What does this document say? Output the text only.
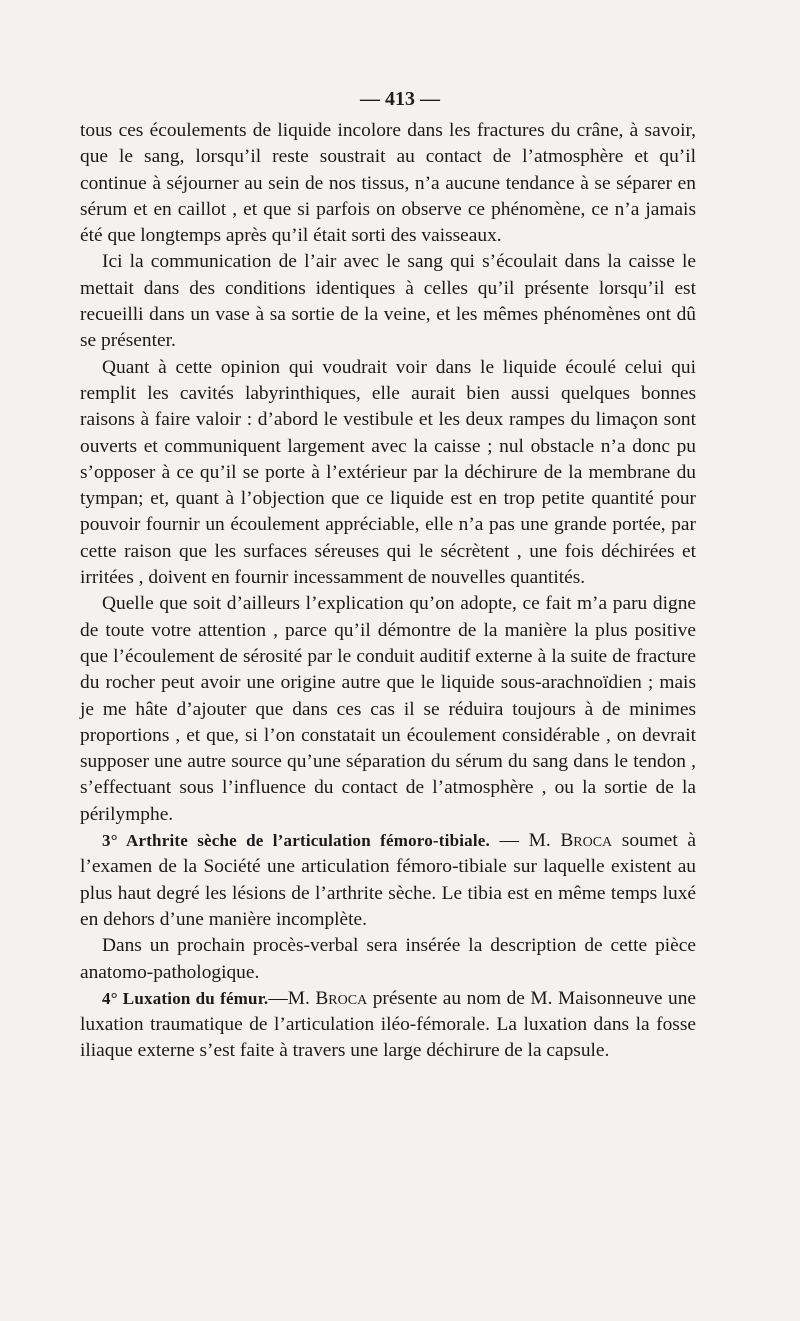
— 413 —

tous ces écoulements de liquide incolore dans les fractures du crâne, à savoir, que le sang, lorsqu’il reste soustrait au contact de l’atmosphère et qu’il continue à séjourner au sein de nos tissus, n’a aucune tendance à se séparer en sérum et en caillot , et que si parfois on observe ce phénomène, ce n’a jamais été que longtemps après qu’il était sorti des vaisseaux.

Ici la communication de l’air avec le sang qui s’écoulait dans la caisse le mettait dans des conditions identiques à celles qu’il présente lorsqu’il est recueilli dans un vase à sa sortie de la veine, et les mêmes phénomènes ont dû se présenter.

Quant à cette opinion qui voudrait voir dans le liquide écoulé celui qui remplit les cavités labyrinthiques, elle aurait bien aussi quelques bonnes raisons à faire valoir : d’abord le vestibule et les deux rampes du limaçon sont ouverts et communiquent largement avec la caisse ; nul obstacle n’a donc pu s’opposer à ce qu’il se porte à l’extérieur par la déchirure de la membrane du tympan; et, quant à l’objection que ce liquide est en trop petite quantité pour pouvoir fournir un écoulement appréciable, elle n’a pas une grande portée, par cette raison que les surfaces séreuses qui le sécrètent , une fois déchirées et irritées , doivent en fournir incessamment de nouvelles quantités.

Quelle que soit d’ailleurs l’explication qu’on adopte, ce fait m’a paru digne de toute votre attention , parce qu’il démontre de la manière la plus positive que l’écoulement de sérosité par le conduit auditif externe à la suite de fracture du rocher peut avoir une origine autre que le liquide sous-arachnoïdien ; mais je me hâte d’ajouter que dans ces cas il se réduira toujours à de minimes proportions , et que, si l’on constatait un écoulement considérable , on devrait supposer une autre source qu’une séparation du sérum du sang dans le tendon , s’effectuant sous l’influence du contact de l’atmosphère , ou la sortie de la périlymphe.

3° Arthrite sèche de l’articulation fémoro-tibiale. — M. Broca soumet à l’examen de la Société une articulation fémoro-tibiale sur laquelle existent au plus haut degré les lésions de l’arthrite sèche. Le tibia est en même temps luxé en dehors d’une manière incomplète.

Dans un prochain procès-verbal sera insérée la description de cette pièce anatomo-pathologique.

4° Luxation du fémur.—M. Broca présente au nom de M. Maisonneuve une luxation traumatique de l’articulation iléo-fémorale. La luxation dans la fosse iliaque externe s’est faite à travers une large déchirure de la capsule.
